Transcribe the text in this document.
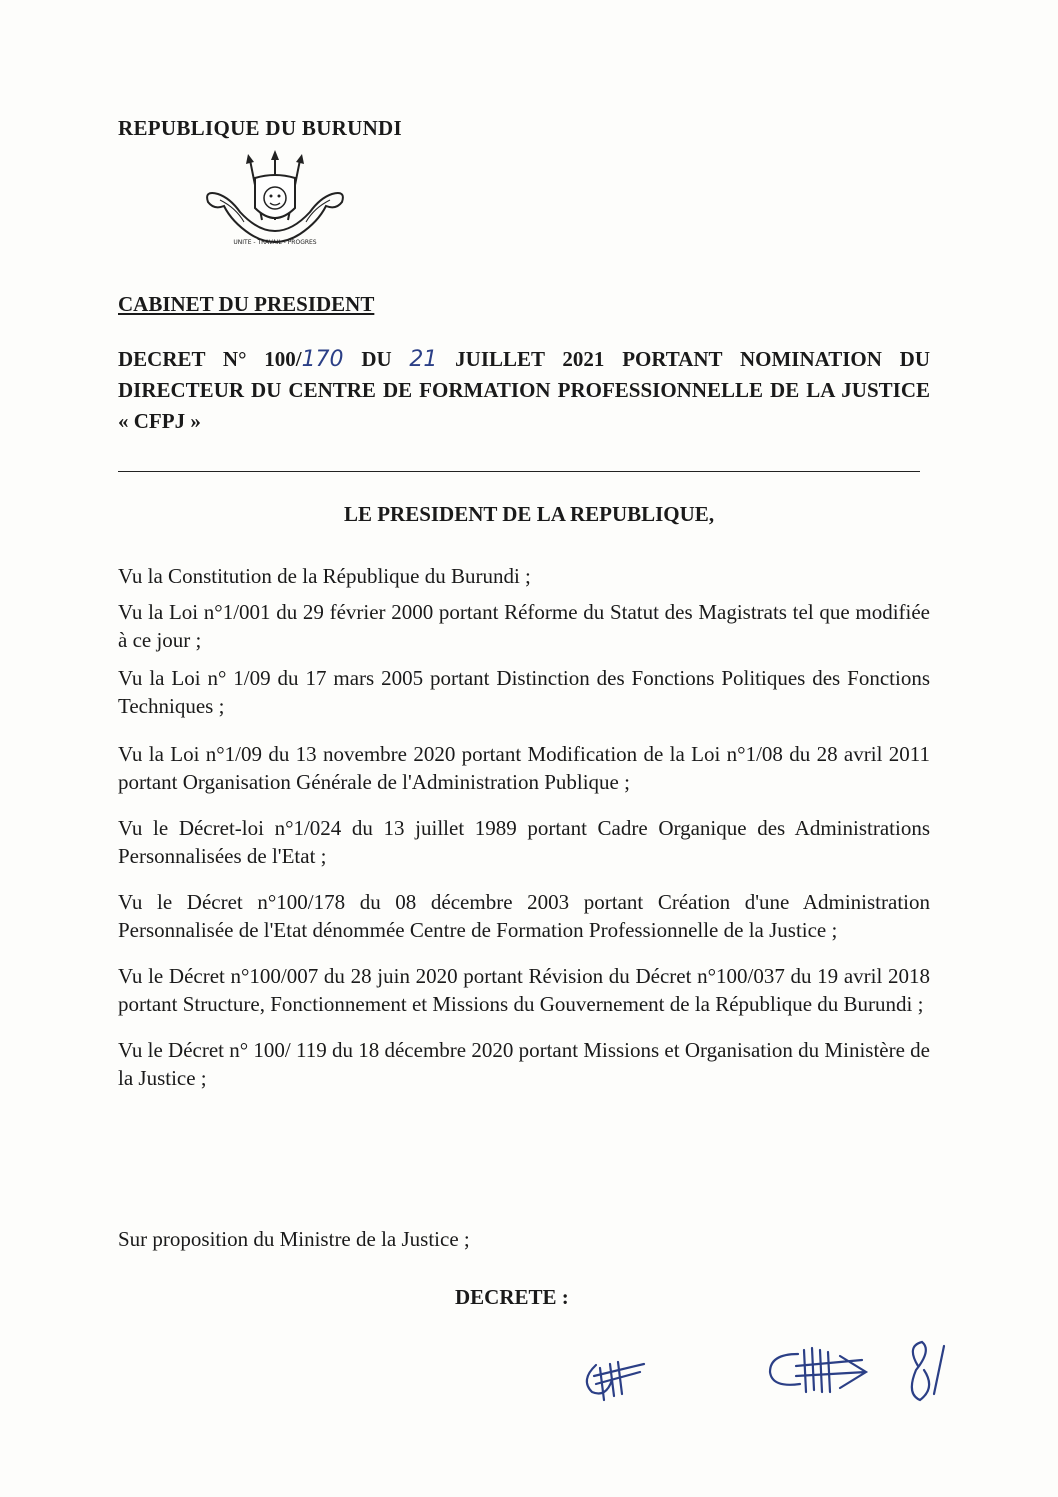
REPUBLIQUE DU BURUNDI
UNITE - TRAVAIL - PROGRES
CABINET DU PRESIDENT
DECRET N° 100/170 DU 21 JUILLET 2021 PORTANT NOMINATION DU DIRECTEUR DU CENTRE DE FORMATION PROFESSIONNELLE DE LA JUSTICE « CFPJ »
LE PRESIDENT DE LA REPUBLIQUE,

Vu la Constitution de la République du Burundi ;

Vu la Loi n°1/001 du 29 février 2000 portant Réforme du Statut des Magistrats tel que modifiée à ce jour ;

Vu la Loi n° 1/09 du 17 mars 2005 portant Distinction des Fonctions Politiques des Fonctions Techniques ;

Vu la Loi n°1/09 du 13 novembre 2020 portant Modification de la Loi n°1/08 du 28 avril 2011 portant Organisation Générale de l'Administration Publique ;

Vu le Décret-loi n°1/024 du 13 juillet 1989 portant Cadre Organique des Administrations Personnalisées de l'Etat ;

Vu le Décret n°100/178 du 08 décembre 2003 portant Création d'une Administration Personnalisée de l'Etat dénommée Centre de Formation Professionnelle de la Justice ;

Vu le Décret n°100/007 du 28 juin 2020 portant Révision du Décret n°100/037 du 19 avril 2018 portant Structure, Fonctionnement et Missions du Gouvernement de la République du Burundi ;

Vu le Décret n° 100/ 119 du 18 décembre 2020 portant Missions et Organisation du Ministère de la Justice ;

Sur proposition du Ministre de la Justice ;
DECRETE :
